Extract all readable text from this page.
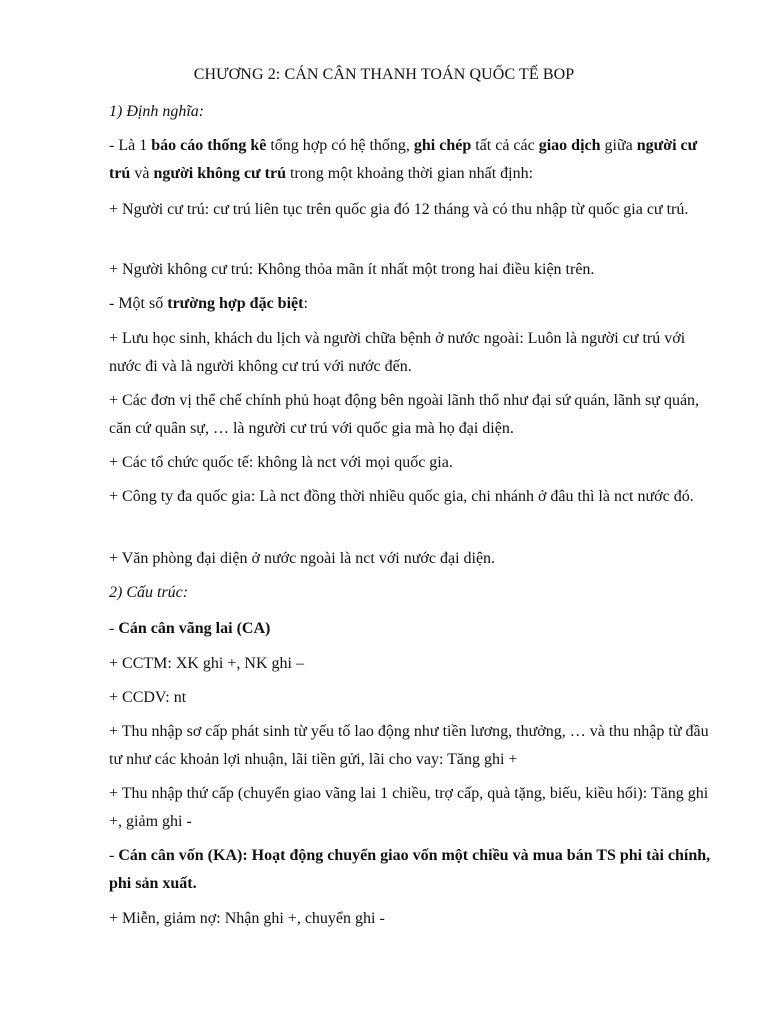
CHƯƠNG 2: CÁN CÂN THANH TOÁN QUỐC TẾ BOP
1) Định nghĩa:
- Là 1 báo cáo thống kê tổng hợp có hệ thống, ghi chép tất cả các giao dịch giữa người cư trú và người không cư trú trong một khoảng thời gian nhất định:
+ Người cư trú: cư trú liên tục trên quốc gia đó 12 tháng và có thu nhập từ quốc gia cư trú.
+ Người không cư trú: Không thỏa mãn ít nhất một trong hai điều kiện trên.
- Một số trường hợp đặc biệt:
+ Lưu học sinh, khách du lịch và người chữa bệnh ở nước ngoài: Luôn là người cư trú với nước đi và là người không cư trú với nước đến.
+ Các đơn vị thể chế chính phủ hoạt động bên ngoài lãnh thổ như đại sứ quán, lãnh sự quán, căn cứ quân sự, … là người cư trú với quốc gia mà họ đại diện.
+ Các tổ chức quốc tế: không là nct với mọi quốc gia.
+ Công ty đa quốc gia: Là nct đồng thời nhiều quốc gia, chi nhánh ở đâu thì là nct nước đó.
+ Văn phòng đại diện ở nước ngoài là nct với nước đại diện.
2) Cấu trúc:
- Cán cân vãng lai (CA)
+ CCTM: XK ghi +, NK ghi –
+ CCDV: nt
+ Thu nhập sơ cấp phát sinh từ yếu tố lao động như tiền lương, thưởng, … và thu nhập từ đầu tư như các khoản lợi nhuận, lãi tiền gửi, lãi cho vay: Tăng ghi +
+ Thu nhập thứ cấp (chuyển giao vãng lai 1 chiều, trợ cấp, quà tặng, biếu, kiều hối): Tăng ghi +, giảm ghi -
- Cán cân vốn (KA): Hoạt động chuyển giao vốn một chiều và mua bán TS phi tài chính, phi sản xuất.
+ Miễn, giảm nợ: Nhận ghi +, chuyển ghi -
